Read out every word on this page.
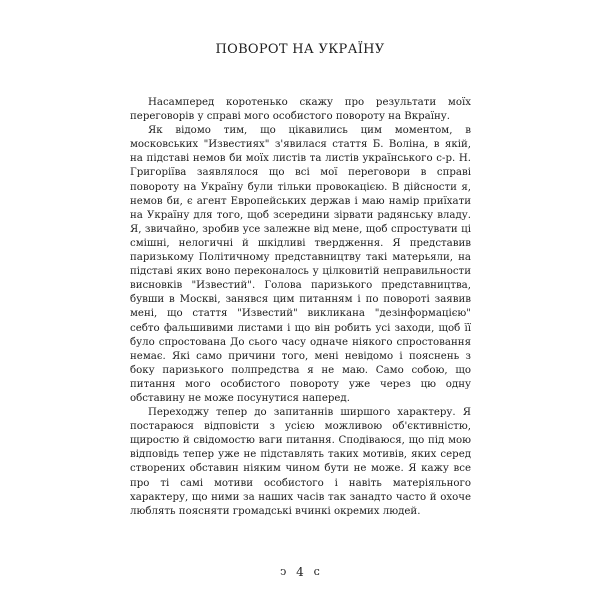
ПОВОРОТ НА УКРАЇНУ

Насамперед коротенько скажу про результати моїх переговорів у справі мого особистого повороту на Вкраїну.

Як відомо тим, що цікавились цим моментом, в московських "Известиях" з'явилася стаття Б. Воліна, в якій, на підставі немов би моїх листів та листів українського с-р. Н. Григоріїва заявлялося що всі мої переговори в справі повороту на Україну були тільки провокацією. В дійсности я, немов би, є агент Европейських держав і маю намір приїхати на Україну для того, щоб зсередини зірвати радянську владу. Я, звичайно, зробив усе залежне від мене, щоб спростувати ці смішні, нелогичні й шкідливі твердження. Я представив паризькому Політичному представництву такі матерьяли, на підставі яких воно переконалось у цілковитій неправильности висновків "Известий". Голова паризького представництва, бувши в Москві, занявся цим питанням і по повороті заявив мені, що стаття "Известий" викликана "дезінформацією" себто фальшивими листами і що він робить усі заходи, щоб її було спростована До сього часу одначе ніякого спростовання немає. Які само причини того, мені невідомо і пояснень з боку паризького полпредства я не маю. Само собою, що питання мого особистого повороту уже через цю одну обставину не може посунутися наперед.

Переходжу тепер до запитаннів ширшого характеру. Я постараюся відповісти з усією можливою об'єктивністю, щиростю й свідомостю ваги питання. Сподіваюся, що під мою відповідь тепер уже не підставлять таких мотивів, яких серед створених обставин ніяким чином бути не може. Я кажу все про ті самі мотиви особистого і навіть матеріяльного характеру, що ними за наших часів так занадто часто й охоче люблять поясняти громадські вчинкі окремих людей.

ↄ 4 ᴄ
